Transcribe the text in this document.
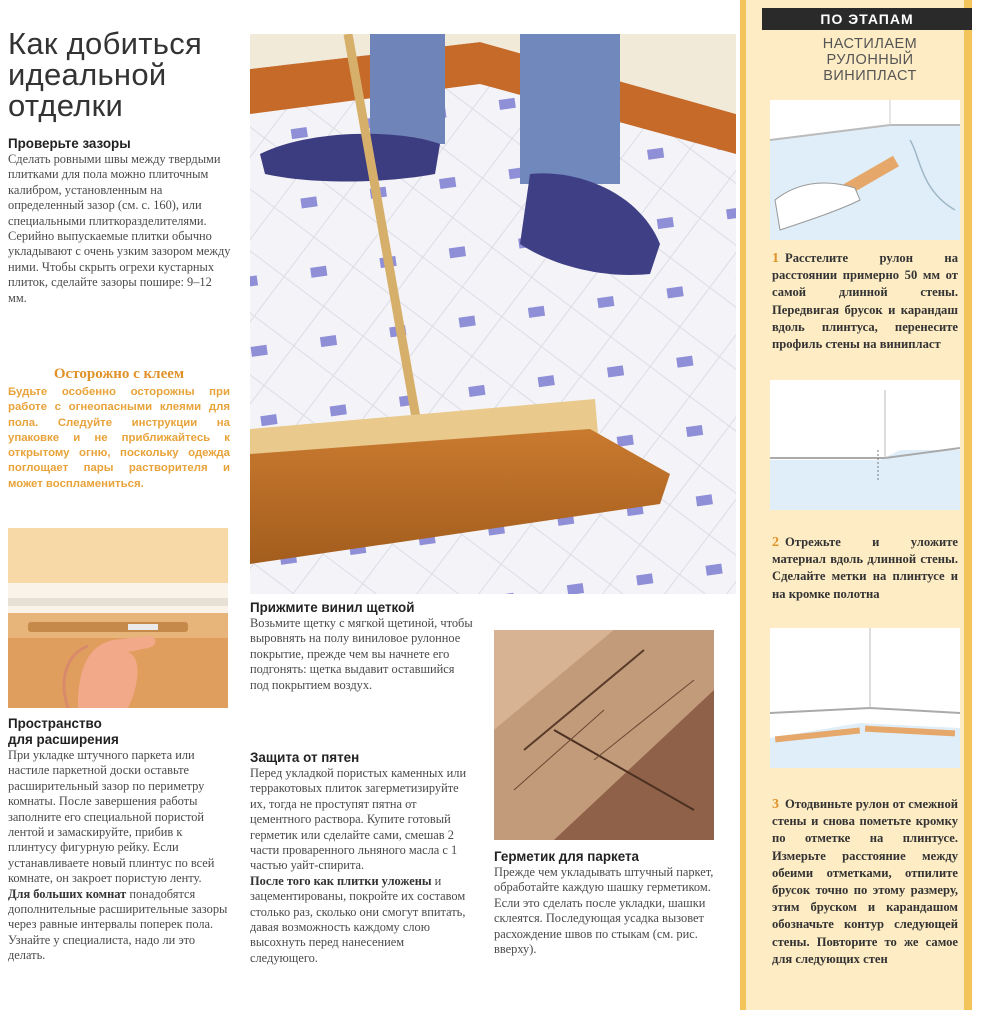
Как добиться
идеальной
отделки

Проверьте зазоры

Сделать ровными швы между твердыми плитками для пола можно плиточным калибром, установленным на определенный зазор (см. с. 160), или специальными плиткоразделителями. Серийно выпускаемые плитки обычно укладывают с очень узким зазором между ними. Чтобы скрыть огрехи кустарных плиток, сделайте зазоры пошире: 9–12 мм.

Осторожно с клеем

Будьте особенно осторожны при работе с огнеопасными клеями для пола. Следуйте инструкции на упаковке и не приближайтесь к открытому огню, поскольку одежда поглощает пары растворителя и может воспламениться.

Пространство

для расширения

При укладке штучного паркета или настиле паркетной доски оставьте расширительный зазор по периметру комнаты. После завершения работы заполните его специальной пористой лентой и замаскируйте, прибив к плинтусу фигурную рейку. Если устанавливаете новый плинтус по всей комнате, он закроет пористую ленту.

Для больших комнат понадобятся дополнительные расширительные зазоры через равные интервалы поперек пола. Узнайте у специалиста, надо ли это делать.

Прижмите винил щеткой

Возьмите щетку с мягкой щетиной, чтобы выровнять на полу виниловое рулонное покрытие, прежде чем вы начнете его подгонять: щетка выдавит оставшийся под покрытием воздух.

Защита от пятен

Перед укладкой пористых каменных или терракотовых плиток загерметизируйте их, тогда не проступят пятна от цементного раствора. Купите готовый герметик или сделайте сами, смешав 2 части проваренного льняного масла с 1 частью уайт-спирита.

После того как плитки уложены и зацементированы, покройте их составом столько раз, сколько они смогут впитать, давая возможность каждому слою высохнуть перед нанесением следующего.

Герметик для паркета

Прежде чем укладывать штучный паркет, обработайте каждую шашку герметиком. Если это сделать после укладки, шашки склеятся. Последующая усадка вызовет расхождение швов по стыкам (см. рис. вверху).

ПО ЭТАПАМ
НАСТИЛАЕМ
РУЛОННЫЙ
ВИНИПЛАСТ

1 Расстелите рулон на расстоянии примерно 50 мм от самой длинной стены. Передвигая брусок и карандаш вдоль плинтуса, перенесите профиль стены на винипласт

2 Отрежьте и уложите материал вдоль длинной стены. Сделайте метки на плинтусе и на кромке полотна

3 Отодвиньте рулон от смежной стены и снова пометьте кромку по отметке на плинтусе. Измерьте расстояние между обеими отметками, отпилите брусок точно по этому размеру, этим бруском и карандашом обозначьте контур следующей стены. Повторите то же самое для следующих стен
